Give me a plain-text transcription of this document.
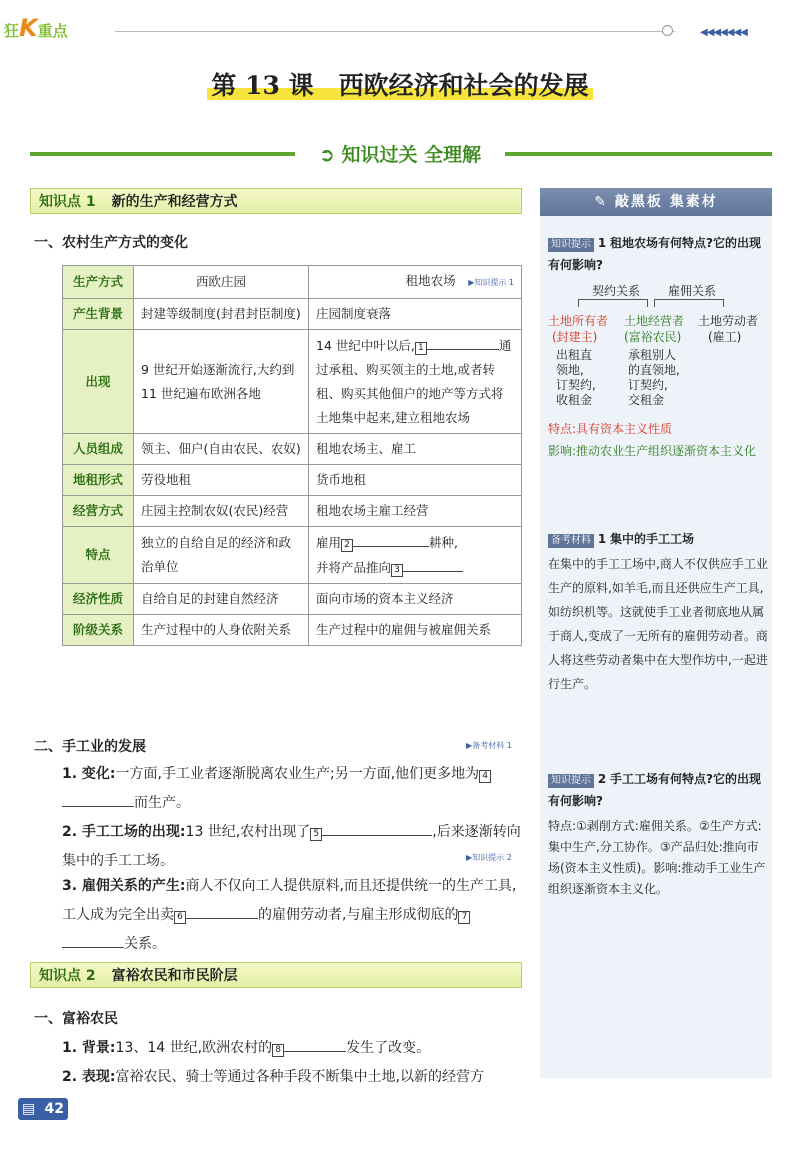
狂K重点	◀◀◀◀◀◀◀
第 13 课　 西欧经济和社会的发展
➲ 知识过关 全理解
知识点 1 新的生产和经营方式
一、农村生产方式的变化
生产方式	西欧庄园	租地农场　 ▶知识提示 1
产生背景	封建等级制度(封君封臣制度)	庄园制度衰落
出现	9 世纪开始逐渐流行,大约到 11 世纪遍布欧洲各地	14 世纪中叶以后, 1 通过承租、购买领主的土地,或者转租、购买其他佃户的地产等方式将土地集中起来,建立租地农场
人员组成	领主、佃户(自由农民、农奴)	租地农场主、雇工
地租形式	劳役地租	货币地租
经营方式	庄园主控制农奴(农民)经营	租地农场主雇工经营
特点	独立的自给自足的经济和政治单位	雇用 2 耕种,
并将产品推向 3
经济性质	自给自足的封建自然经济	面向市场的资本主义经济
阶级关系	生产过程中的人身依附关系	生产过程中的雇佣与被雇佣关系
二、手工业的发展	▶备考材料 1
1. 变化:一方面,手工业者逐渐脱离农业生产;另一方面,他们更多地为 4而生产。
2. 手工工场的出现:13 世纪,农村出现了 5	,后来逐渐转向集中的手工工场。	▶知识提示 2
3. 雇佣关系的产生:商人不仅向工人提供原料,而且还提供统一的生产工具,工人成为完全出卖 6	的雇佣劳动者,与雇主形成彻底的 7关系。
知识点 2 富裕农民和市民阶层
一、富裕农民
1. 背景:13、14 世纪,欧洲农村的 8	发生了改变。
2. 表现:富裕农民、骑士等通过各种手段不断集中土地,以新的经营方
✎ 敲黑板 集素材
知识提示 1 租地农场有何特点?它的出现有何影响?
契约关系 雇佣关系
土地所有者
(封建主)
土地经营者
(富裕农民)
土地劳动者
(雇工)
出租直
领地,
订契约,
收租金
承租别人
的直领地,
订契约,
交租金
特点:具有资本主义性质
影响:推动农业生产组织逐渐资本主义化
备考材料 1 集中的手工工场
在集中的手工工场中,商人不仅供应手工业生产的原料,如羊毛,而且还供应生产工具,如纺织机等。这就使手工业者彻底地从属于商人,变成了一无所有的雇佣劳动者。商人将这些劳动者集中在大型作坊中,一起进行生产。
知识提示 2 手工工场有何特点?它的出现有何影响?
特点:①剥削方式:雇佣关系。②生产方式:集中生产,分工协作。③产品归处:推向市场(资本主义性质)。影响:推动手工业生产组织逐渐资本主义化。
▤ 42
